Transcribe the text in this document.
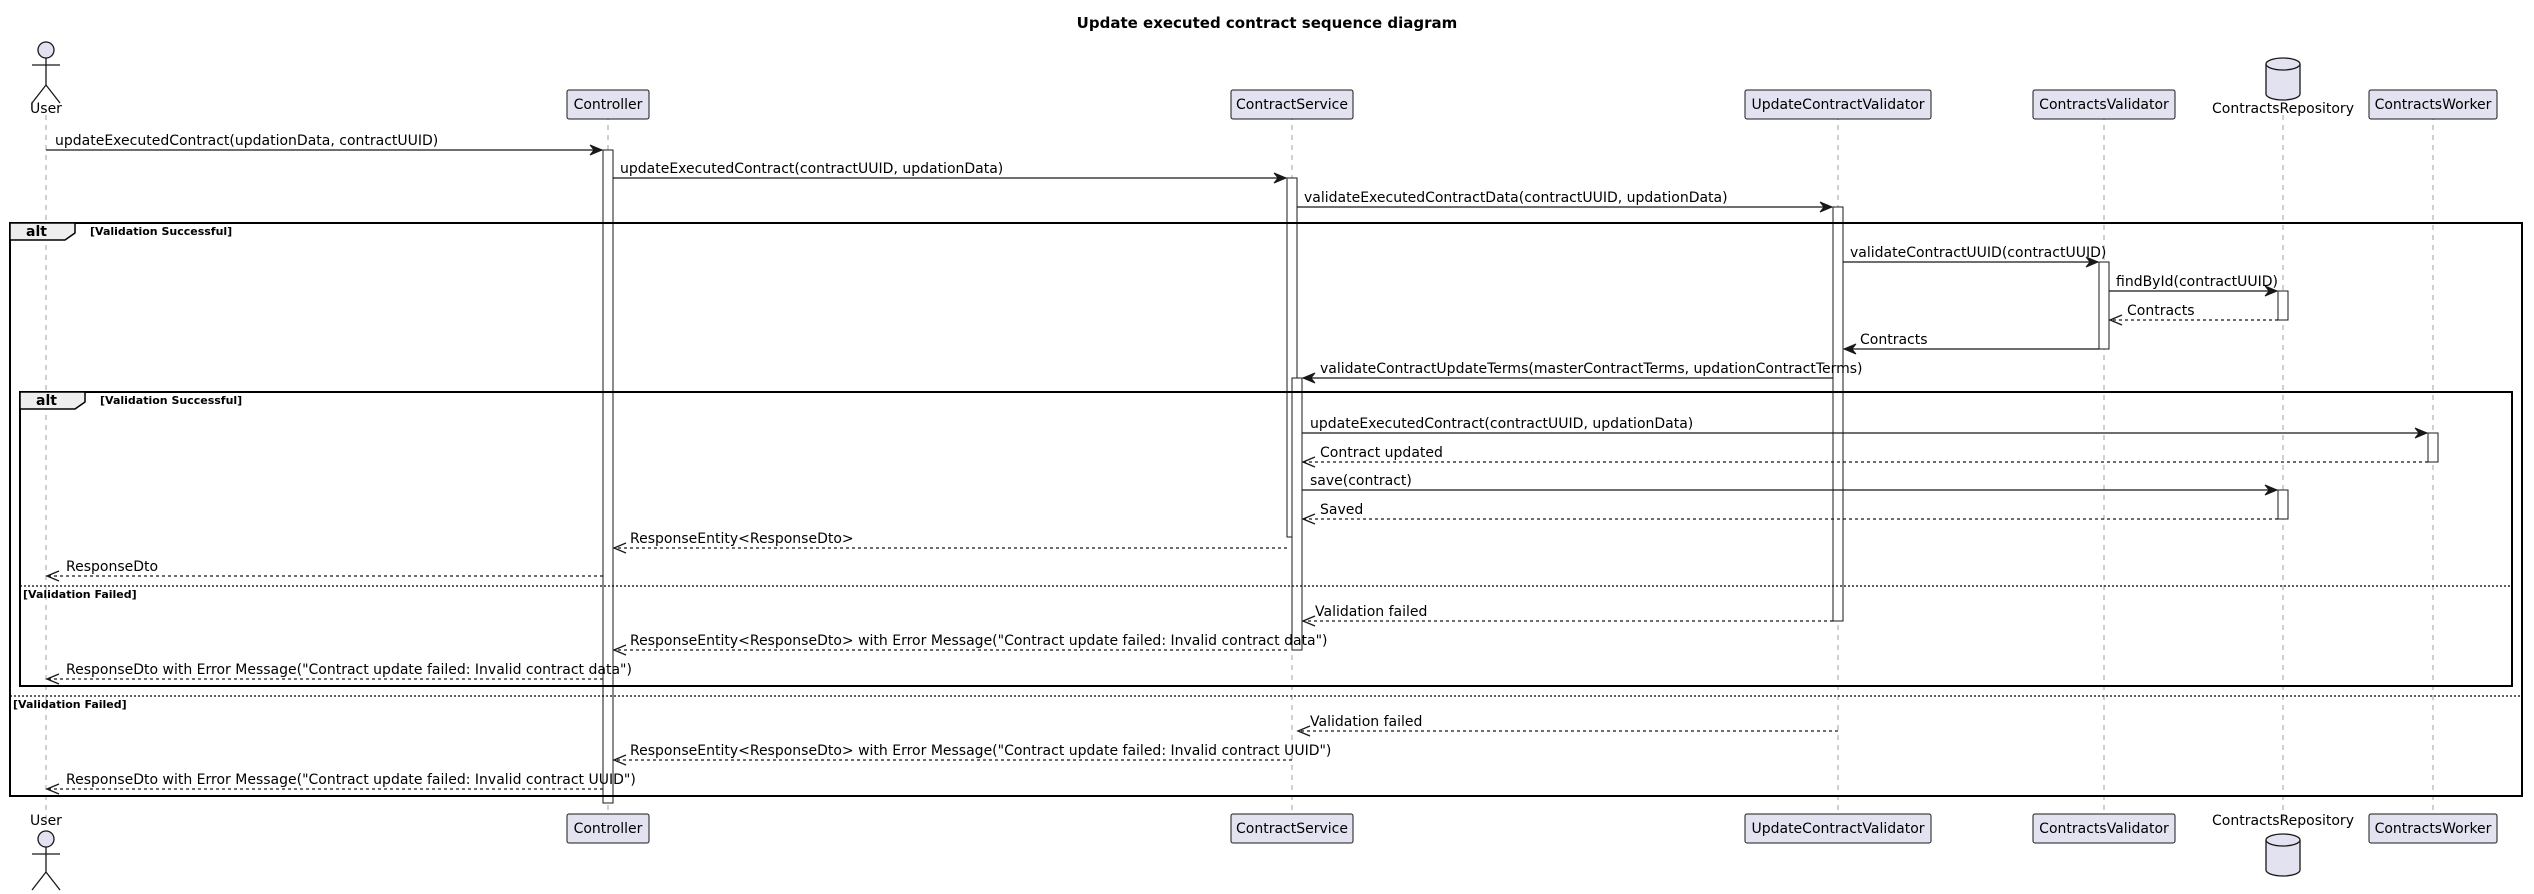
Update executed contract sequence diagram
User	Controller	ContractService	UpdateContractValidator	ContractsValidator	ContractsRepository ContractsWorker
User	Controller	ContractService	UpdateContractValidator	ContractsValidator	ContractsRepository ContractsWorker
alt	[Validation Successful]
[Validation Failed]
alt	[Validation Successful]
[Validation Failed]
updateExecutedContract(updationData, contractUUID)
updateExecutedContract(contractUUID, updationData)
validateExecutedContractData(contractUUID, updationData)
validateContractUUID(contractUUID)
findById(contractUUID)
Contracts
Contracts
validateContractUpdateTerms(masterContractTerms, updationContractTerms)
updateExecutedContract(contractUUID, updationData)
Contract updated
save(contract)
Saved
ResponseEntity<ResponseDto>
ResponseDto
Validation failed
ResponseEntity<ResponseDto> with Error Message("Contract update failed: Invalid contract data")
ResponseDto with Error Message("Contract update failed: Invalid contract data")
Validation failed
ResponseEntity<ResponseDto> with Error Message("Contract update failed: Invalid contract UUID")
ResponseDto with Error Message("Contract update failed: Invalid contract UUID")
